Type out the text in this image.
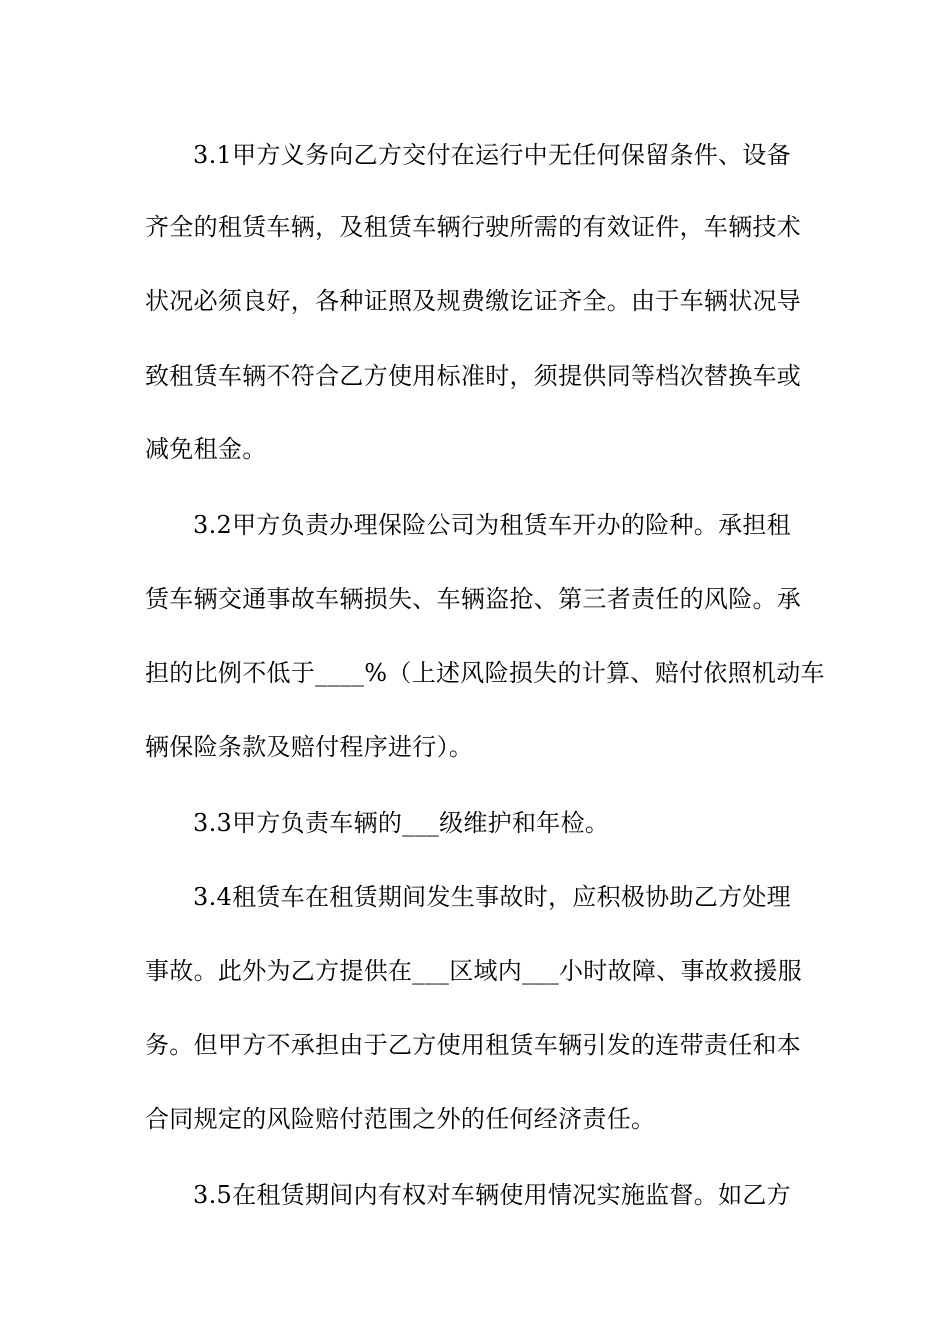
3.1甲方义务向乙方交付在运行中无任何保留条件、设备
齐全的租赁车辆，及租赁车辆行驶所需的有效证件，车辆技术
状况必须良好，各种证照及规费缴讫证齐全。由于车辆状况导
致租赁车辆不符合乙方使用标准时，须提供同等档次替换车或
减免租金。
3.2甲方负责办理保险公司为租赁车开办的险种。承担租
赁车辆交通事故车辆损失、车辆盗抢、第三者责任的风险。承
担的比例不低于____%（上述风险损失的计算、赔付依照机动车
辆保险条款及赔付程序进行）。
3.3甲方负责车辆的___级维护和年检。
3.4租赁车在租赁期间发生事故时，应积极协助乙方处理
事故。此外为乙方提供在___区域内___小时故障、事故救援服
务。但甲方不承担由于乙方使用租赁车辆引发的连带责任和本
合同规定的风险赔付范围之外的任何经济责任。
3.5在租赁期间内有权对车辆使用情况实施监督。如乙方
